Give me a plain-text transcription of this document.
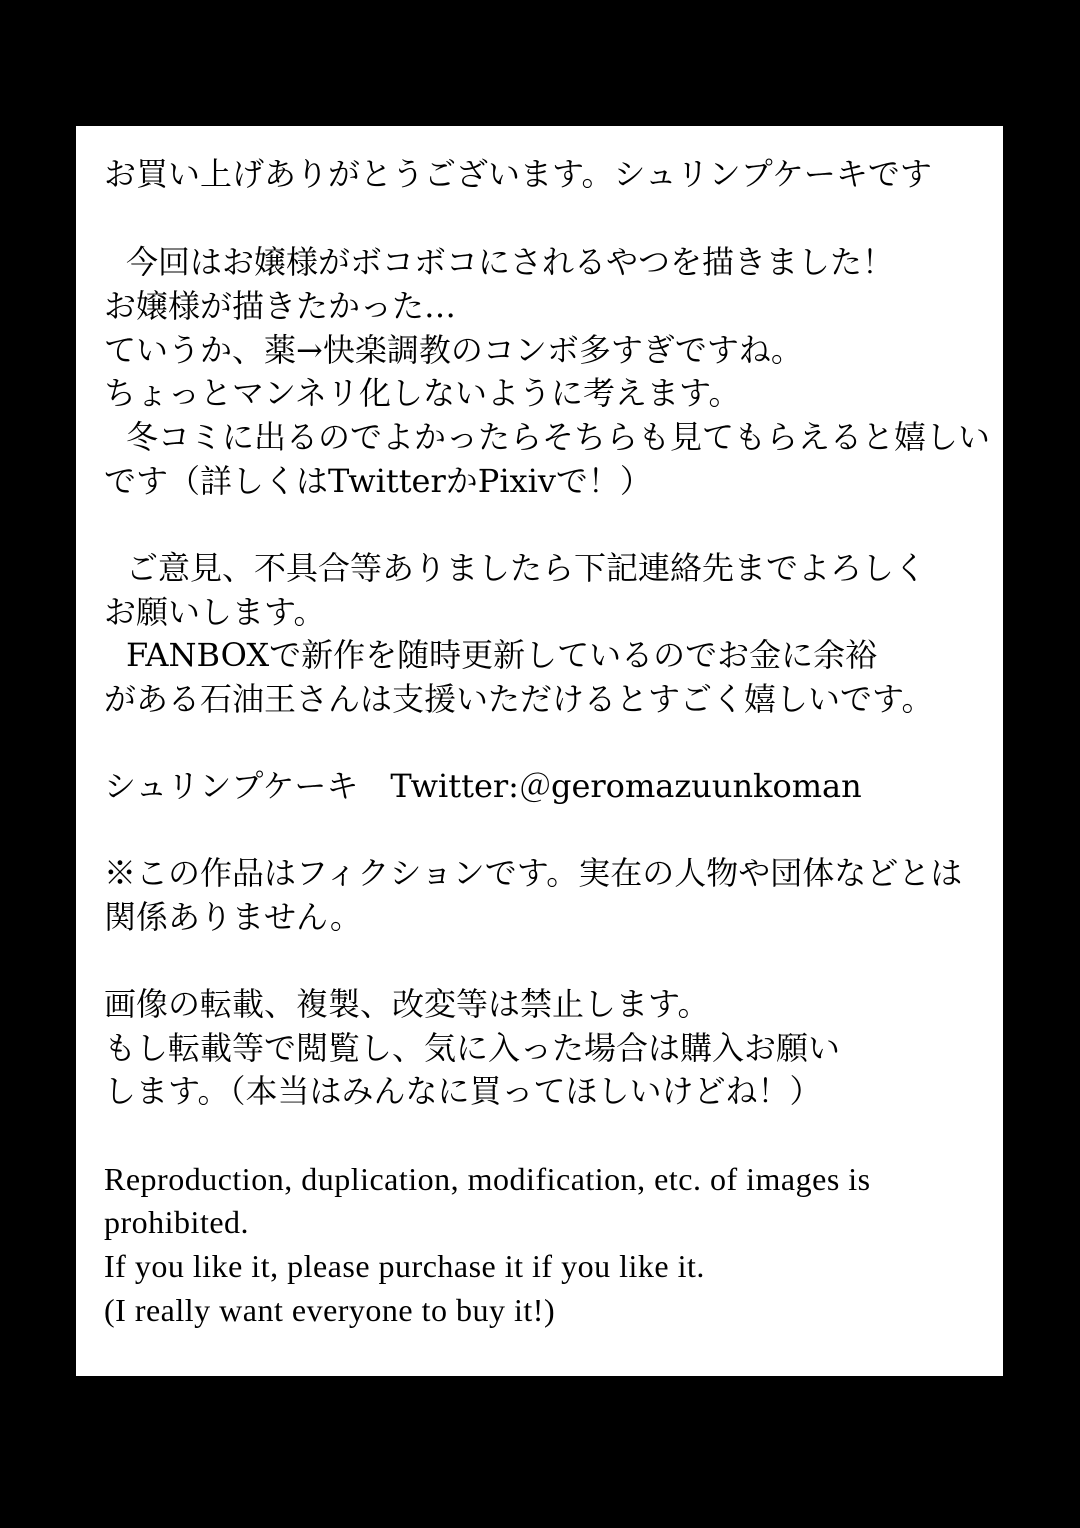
お買い上げありがとうございます。シュリンプケーキです
今回はお嬢様がボコボコにされるやつを描きました！
お嬢様が描きたかった…
ていうか、薬→快楽調教のコンボ多すぎですね。
ちょっとマンネリ化しないように考えます。
冬コミに出るのでよかったらそちらも見てもらえると嬉しい
です（詳しくはTwitterかPixivで！）
ご意見、不具合等ありましたら下記連絡先までよろしく
お願いします。
FANBOXで新作を随時更新しているのでお金に余裕
がある石油王さんは支援いただけるとすごく嬉しいです。
シュリンプケーキ　Twitter:＠geromazuunkoman
※この作品はフィクションです。実在の人物や団体などとは
関係ありません。
画像の転載、複製、改変等は禁止します。
もし転載等で閲覧し、気に入った場合は購入お願い
します。（本当はみんなに買ってほしいけどね！）
Reproduction, duplication, modification, etc. of images is
prohibited.
If you like it, please purchase it if you like it.
(I really want everyone to buy it!)
